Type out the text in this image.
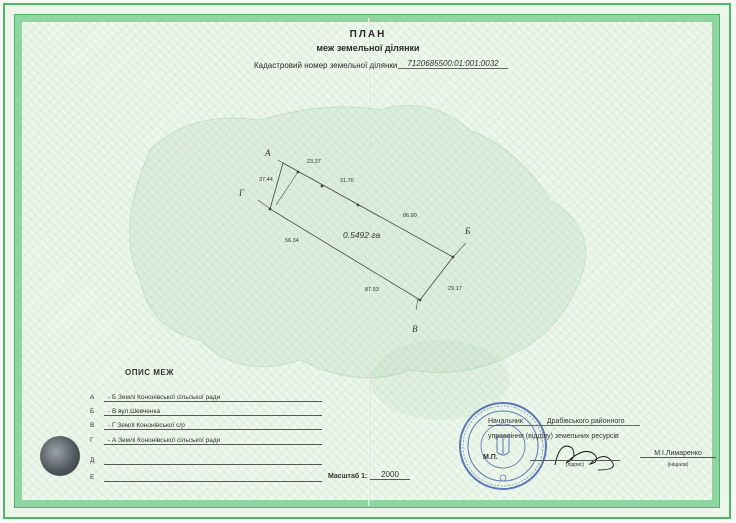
ПЛАН
меж земельної ділянки
Кадастровий номер земельної ділянки	7120685500:01:001:0032
А
Б
В
Г
23.37
37.44	31.76
86.90
56.34
87.93	29.17
0.5492 га
ОПИС МЕЖ
А	- Б Землі Кононівської сільської ради
Б	- В вул.Шевченка
В	- Г Землі Кононівської с/р
Г	- А Землі Кононівської сільської ради
Д
Е	Масштаб 1:	2000
Начальник	Драбівського районного
управління (відділу) земельних ресурсів
М.П.
(підпис)
М.І.Лимаренко
(ініціали)
